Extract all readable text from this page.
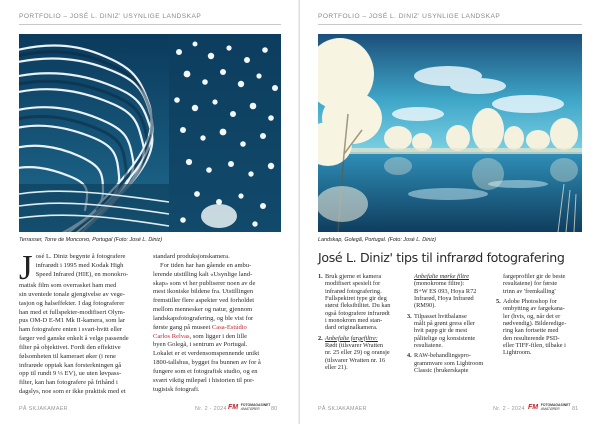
PORTFOLIO – JOSÉ L. DINIZ' USYNLIGE LANDSKAP
Terrasser, Torre de Moncorvo, Portugal (Foto: José L. Diniz)
J osé L. Diniz begynte å fotografere
infrarødt i 1995 med Kodak High
Speed Infrared (HIE), en monokro-
matisk film som overrasket ham med
sin uventede tonale gjengivelse av vege-
tasjon og halseffekter. I dag fotograferer
han med et fullspekter-modifisert Olym-
pus OM-D E-M1 Mk II-kamera, som lar
ham fotografere enten i svart-hvitt eller
farger ved ganske enkelt å velge passende
filter på objektivet. Fordi den effektive
følsomheten til kameraet øker (i rene
infrarøde opptak kan forsterkningen gå
opp til rundt 9 ⅓ EV), ue uten løvpass-
filter, kan han fotografere på frihånd i
dagslys, noe som er ikke praktisk med et
standard produksjonskamera.
For tiden har han gående en ambu-
lerende utstilling kalt «Usynlige land-
skap» som vi her publiserer noen av de
mest ikoniske bildene fra. Utstillingen
fremstiller flere aspekter ved forholdet
mellom mennesker og natur, gjennom
landskapsfotografering, og ble vist for
første gang på museet Casa-Estúdio
Carlos Relvas, som ligger i den lille
byen Golegã, i sentrum av Portugal.
Lokalet er et verdensomspennende unikt
1800-tallshus, bygget fra bunnen av for å
fungere som et fotografisk studio, og en
svært viktig milepæl i historien til por-
tugisisk fotografi.
PÅ SKJAKAMAER	Nr. 2 - 2024 FM FOTOMAGASINET
AMATØRER	80
PORTFOLIO – JOSÉ L. DINIZ' USYNLIGE LANDSKAP
Landskap, Golegã, Portugal. (Foto: José L. Diniz)
José L. Diniz' tips til infrarød fotografering
1. Bruk gjerne et kamera
modifisert spesielt for
infrarød fotografering.
Fullspektret type gir deg
størst fleksibilitet. Du kan
også fotografere infrarødt
i monokrom med stan-
dard originalkamera.
2. Anbefalte fargefiltre:
Rødt (tilsvarer Wratten
nr. 25 eller 29) og oransje
(tilsvarer Wratten nr. 16
eller 21).
Anbefalte mørke filtre
(monokrome filtre):
B+W ES 093, Hoya R72
Infrarød, Hoya Infrarød
(RM90).
3. Tilpasset hvitbalanse
målt på grønt gress eller
hvit papp gir de mest
pålitelige og konsistente
resultatene.
4. RAW-behandlingspro-
grammvare som Lightroom
Classic (brukerskapte
fargeprofiler gir de beste
resultatene) for første
trinn av 'fremkalling'
5. Adobe Photoshop for
ombytting av fargekana-
ler (hvis, og, når det er
nødvendig). Bilderedige-
ring kan fortsette med
den resulterende PSD-
eller TIFF-filen, tilbake i
Lightroom.
PÅ SKJAKAMAER	Nr. 2 - 2024 FM FOTOMAGASINET
AMATØRER	81
